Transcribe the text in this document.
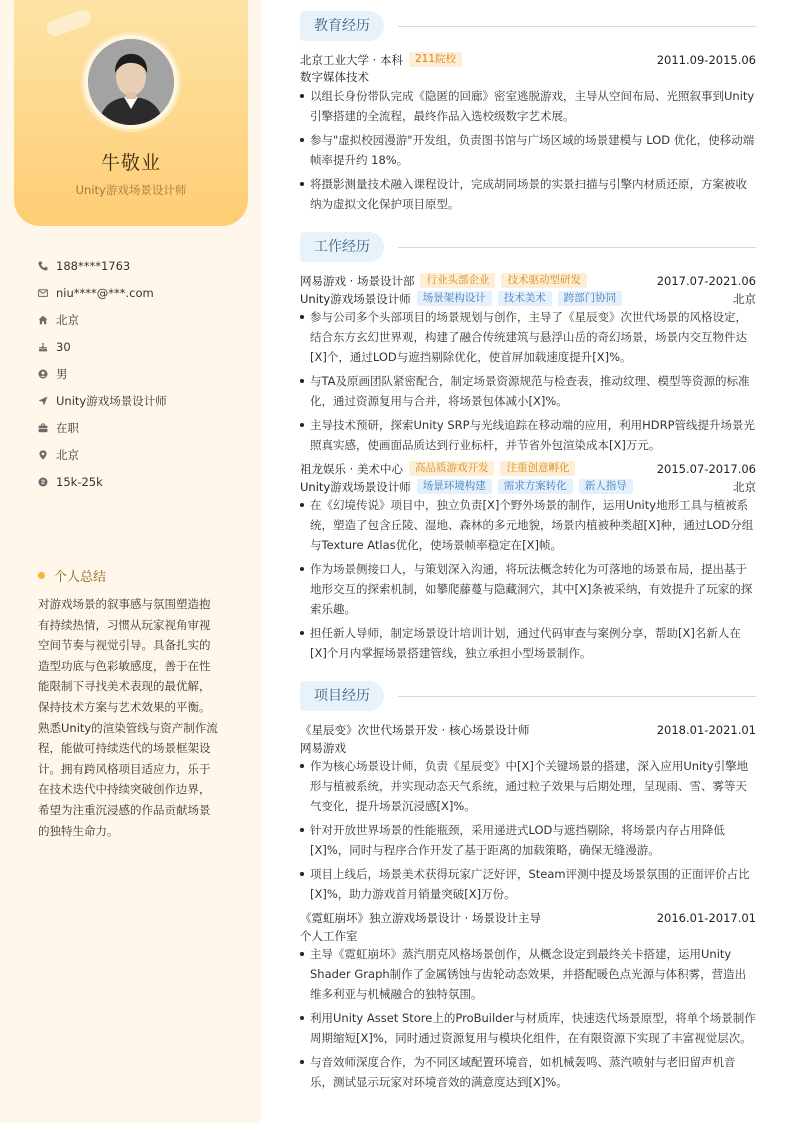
牛敬业
Unity游戏场景设计师
188****1763
niu****@***.com
北京
30
男
Unity游戏场景设计师
在职
北京
15k-25k
个人总结
对游戏场景的叙事感与氛围塑造抱有持续热情，习惯从玩家视角审视空间节奏与视觉引导。具备扎实的造型功底与色彩敏感度，善于在性能限制下寻找美术表现的最优解，保持技术方案与艺术效果的平衡。熟悉Unity的渲染管线与资产制作流程，能做可持续迭代的场景框架设计。拥有跨风格项目适应力，乐于在技术迭代中持续突破创作边界，希望为注重沉浸感的作品贡献场景的独特生命力。
教育经历
北京工业大学 · 本科	211院校	2011.09-2015.06
数字媒体技术
以组长身份带队完成《隐匿的回廊》密室逃脱游戏，主导从空间布局、光照叙事到Unity引擎搭建的全流程，最终作品入选校级数字艺术展。
参与"虚拟校园漫游"开发组，负责图书馆与广场区域的场景建模与 LOD 优化，使移动端帧率提升约 18%。
将摄影测量技术融入课程设计，完成胡同场景的实景扫描与引擎内材质还原，方案被收纳为虚拟文化保护项目原型。
工作经历
网易游戏 · 场景设计部	行业头部企业	技术驱动型研发	2017.07-2021.06
Unity游戏场景设计师	场景架构设计	技术美术	跨部门协同	北京
参与公司多个头部项目的场景规划与创作，主导了《星辰变》次世代场景的风格设定，结合东方玄幻世界观，构建了融合传统建筑与悬浮山岳的奇幻场景，场景内交互物件达[X]个，通过LOD与遮挡剔除优化，使首屏加载速度提升[X]%。
与TA及原画团队紧密配合，制定场景资源规范与检查表，推动纹理、模型等资源的标准化，通过资源复用与合并，将场景包体减小[X]%。
主导技术预研，探索Unity SRP与光线追踪在移动端的应用，利用HDRP管线提升场景光照真实感，使画面品质达到行业标杆，并节省外包渲染成本[X]万元。
祖龙娱乐 · 美术中心	高品质游戏开发	注重创意孵化	2015.07-2017.06
Unity游戏场景设计师	场景环境构建	需求方案转化	新人指导	北京
在《幻境传说》项目中，独立负责[X]个野外场景的制作，运用Unity地形工具与植被系统，塑造了包含丘陵、湿地、森林的多元地貌，场景内植被种类超[X]种，通过LOD分组与Texture Atlas优化，使场景帧率稳定在[X]帧。
作为场景侧接口人，与策划深入沟通，将玩法概念转化为可落地的场景布局，提出基于地形交互的探索机制，如攀爬藤蔓与隐藏洞穴，其中[X]条被采纳，有效提升了玩家的探索乐趣。
担任新人导师，制定场景设计培训计划，通过代码审查与案例分享，帮助[X]名新人在[X]个月内掌握场景搭建管线，独立承担小型场景制作。
项目经历
《星辰变》次世代场景开发 · 核心场景设计师	2018.01-2021.01
网易游戏
作为核心场景设计师，负责《星辰变》中[X]个关键场景的搭建，深入应用Unity引擎地形与植被系统，并实现动态天气系统，通过粒子效果与后期处理，呈现雨、雪、雾等天气变化，提升场景沉浸感[X]%。
针对开放世界场景的性能瓶颈，采用递进式LOD与遮挡剔除，将场景内存占用降低[X]%，同时与程序合作开发了基于距离的加载策略，确保无缝漫游。
项目上线后，场景美术获得玩家广泛好评，Steam评测中提及场景氛围的正面评价占比[X]%，助力游戏首月销量突破[X]万份。
《霓虹崩坏》独立游戏场景设计 · 场景设计主导	2016.01-2017.01
个人工作室
主导《霓虹崩坏》蒸汽朋克风格场景创作，从概念设定到最终关卡搭建，运用Unity Shader Graph制作了金属锈蚀与齿轮动态效果，并搭配暖色点光源与体积雾，营造出维多利亚与机械融合的独特氛围。
利用Unity Asset Store上的ProBuilder与材质库，快速迭代场景原型，将单个场景制作周期缩短[X]%，同时通过资源复用与模块化组件，在有限资源下实现了丰富视觉层次。
与音效师深度合作，为不同区域配置环境音，如机械轰鸣、蒸汽喷射与老旧留声机音乐，测试显示玩家对环境音效的满意度达到[X]%。
